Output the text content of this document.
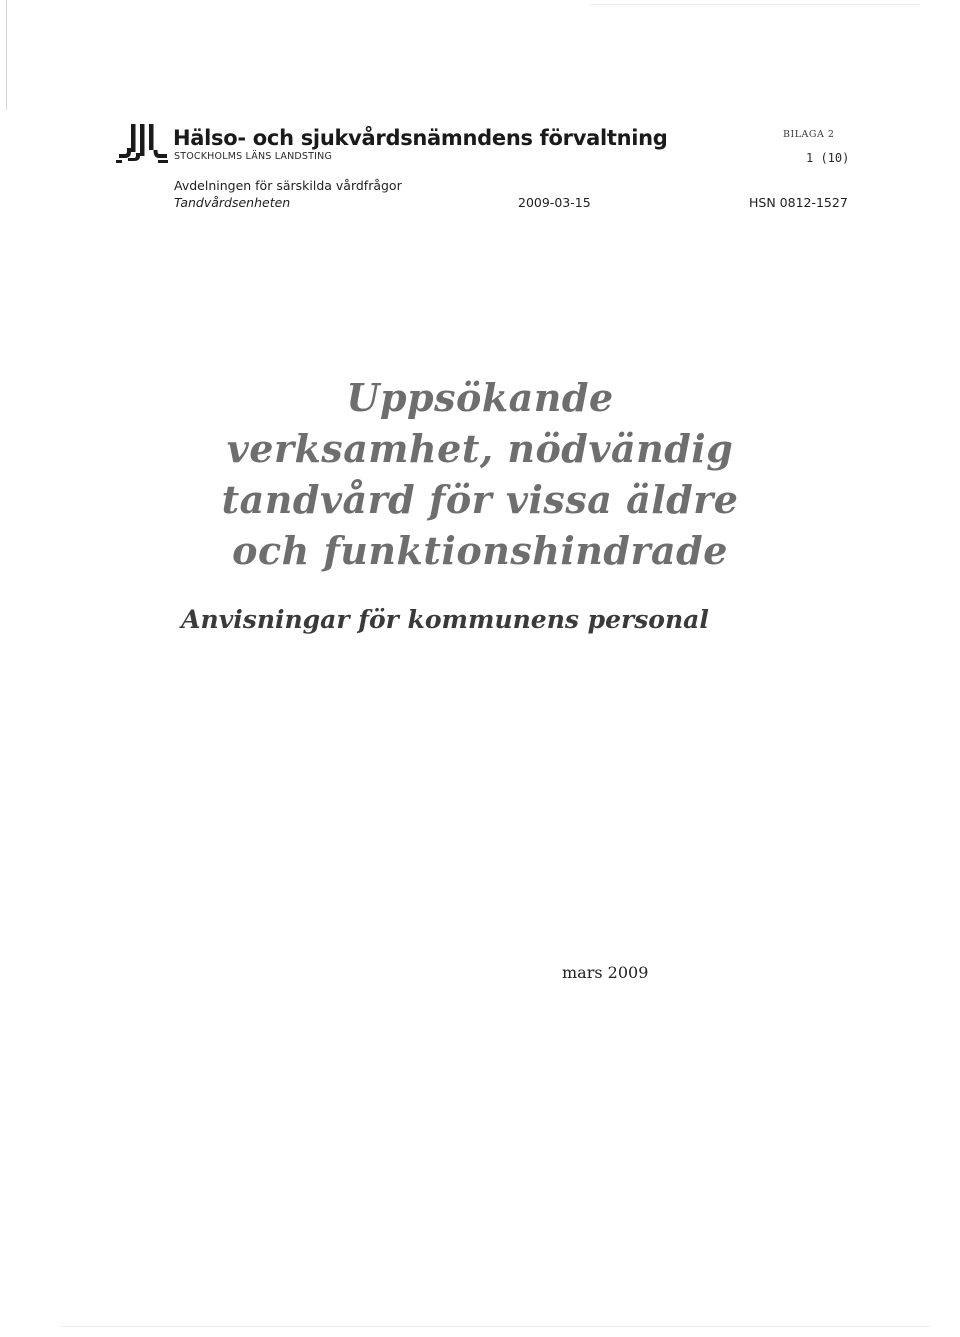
Hälso- och sjukvårdsnämndens förvaltning
STOCKHOLMS LÄNS LANDSTING
Avdelningen för särskilda vårdfrågor
Tandvårdsenheten	2009-03-15
BILAGA 2
1 (10)
HSN 0812-1527
Uppsökande
verksamhet, nödvändig
tandvård för vissa äldre
och funktionshindrade
Anvisningar för kommunens personal
mars 2009
